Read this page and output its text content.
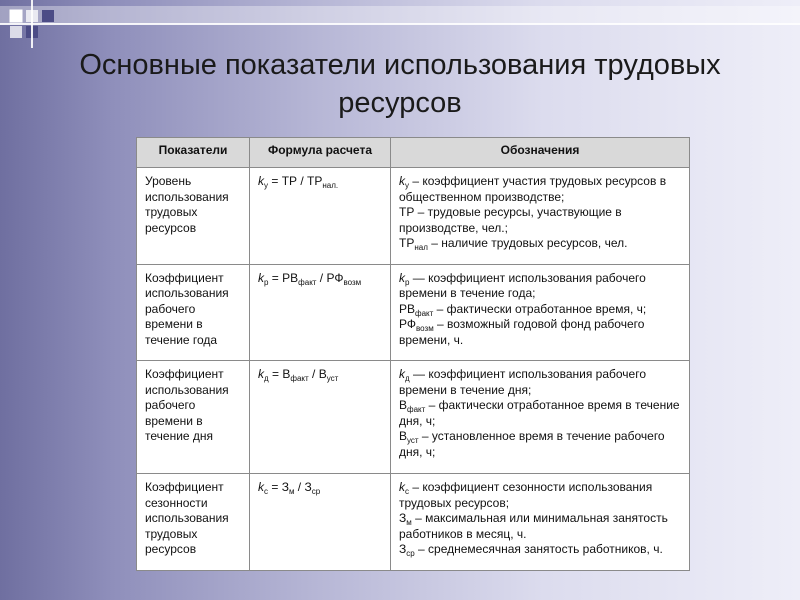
Основные показатели использования трудовых ресурсов
Показатели	Формула расчета	Обозначения
Уровень использования трудовых ресурсов	$k_у$ = ТР / $ТР_{нал.}$	$k_у$ – коэффициент участия трудовых ресурсов в общественном производстве;
ТР – трудовые ресурсы, участвующие в производстве, чел.;
$ТР_{нал}$ – наличие трудовых ресурсов, чел.

Коэффициент использования рабочего времени в течение года	$k_р = РВ_{факт} / РФ_{возм}$	$k_р$ — коэффициент использования рабочего времени в течение года;
$РВ_{факт}$ – фактически отработанное время, ч;
$РФ_{возм}$ – возможный годовой фонд рабочего времени, ч.

Коэффициент использования рабочего времени в течение дня	$k_д = В_{факт} / В_{уст}$	$k_д$ — коэффициент использования рабочего времени в течение дня;
$В_{факт}$ – фактически отработанное время в течение дня, ч;
$В_{уст}$ – установленное время в течение рабочего дня, ч;

Коэффициент сезонности использования трудовых ресурсов	$k_с = З_м / З_{ср}$	$k_с$ – коэффициент сезонности использования трудовых ресурсов;
$З_м$ – максимальная или минимальная занятость работников в месяц, ч.
$З_{ср}$ – среднемесячная занятость работников, ч.
